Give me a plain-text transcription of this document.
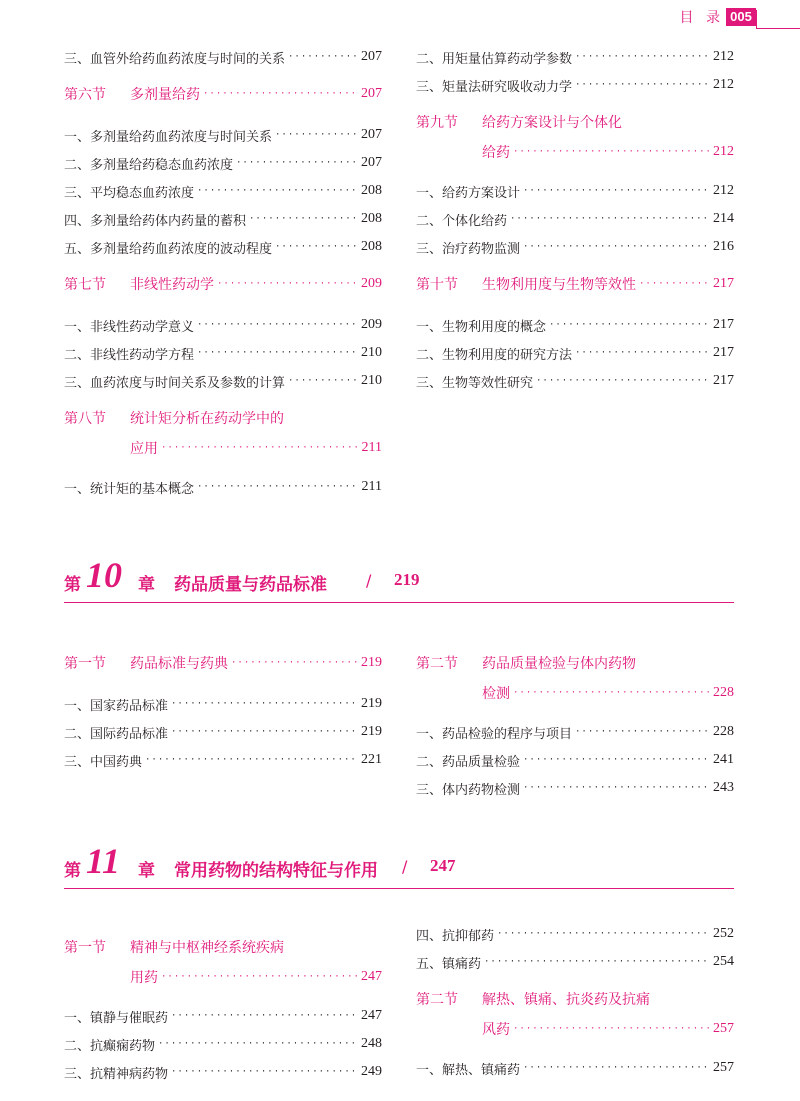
目 录 005
三、血管外给药血药浓度与时间的关系 ·····	207
第六节	多剂量给药 ·····	207
一、多剂量给药血药浓度与时间关系 ·····	207
二、多剂量给药稳态血药浓度 ·····	207
三、平均稳态血药浓度 ·····	208
四、多剂量给药体内药量的蓄积 ·····	208
五、多剂量给药血药浓度的波动程度 ·····	208
第七节	非线性药动学 ·····	209
一、非线性药动学意义 ·····	209
二、非线性药动学方程 ·····	210
三、血药浓度与时间关系及参数的计算 ·····	210
第八节	统计矩分析在药动学中的
应用 ·····	211
一、统计矩的基本概念 ·····	211
二、用矩量估算药动学参数 ·····	212
三、矩量法研究吸收动力学 ·····	212
第九节	给药方案设计与个体化
给药 ·····	212
一、给药方案设计 ·····	212
二、个体化给药 ·····	214
三、治疗药物监测 ·····	216
第十节	生物利用度与生物等效性 ·····	217
一、生物利用度的概念 ·····	217
二、生物利用度的研究方法 ·····	217
三、生物等效性研究 ·····	217
第 10 章 药品质量与药品标准 / 219
第一节	药品标准与药典 ·····	219
一、国家药品标准 ·····	219
二、国际药品标准 ·····	219
三、中国药典 ·····	221
第二节	药品质量检验与体内药物
检测 ·····	228
一、药品检验的程序与项目 ·····	228
二、药品质量检验 ·····	241
三、体内药物检测 ·····	243
第 11 章 常用药物的结构特征与作用 / 247
第一节	精神与中枢神经系统疾病
用药 ·····	247
一、镇静与催眠药 ·····	247
二、抗癫痫药物 ·····	248
三、抗精神病药物 ·····	249
四、抗抑郁药 ·····	252
五、镇痛药 ·····	254
第二节	解热、镇痛、抗炎药及抗痛
风药 ·····	257
一、解热、镇痛药 ·····	257
